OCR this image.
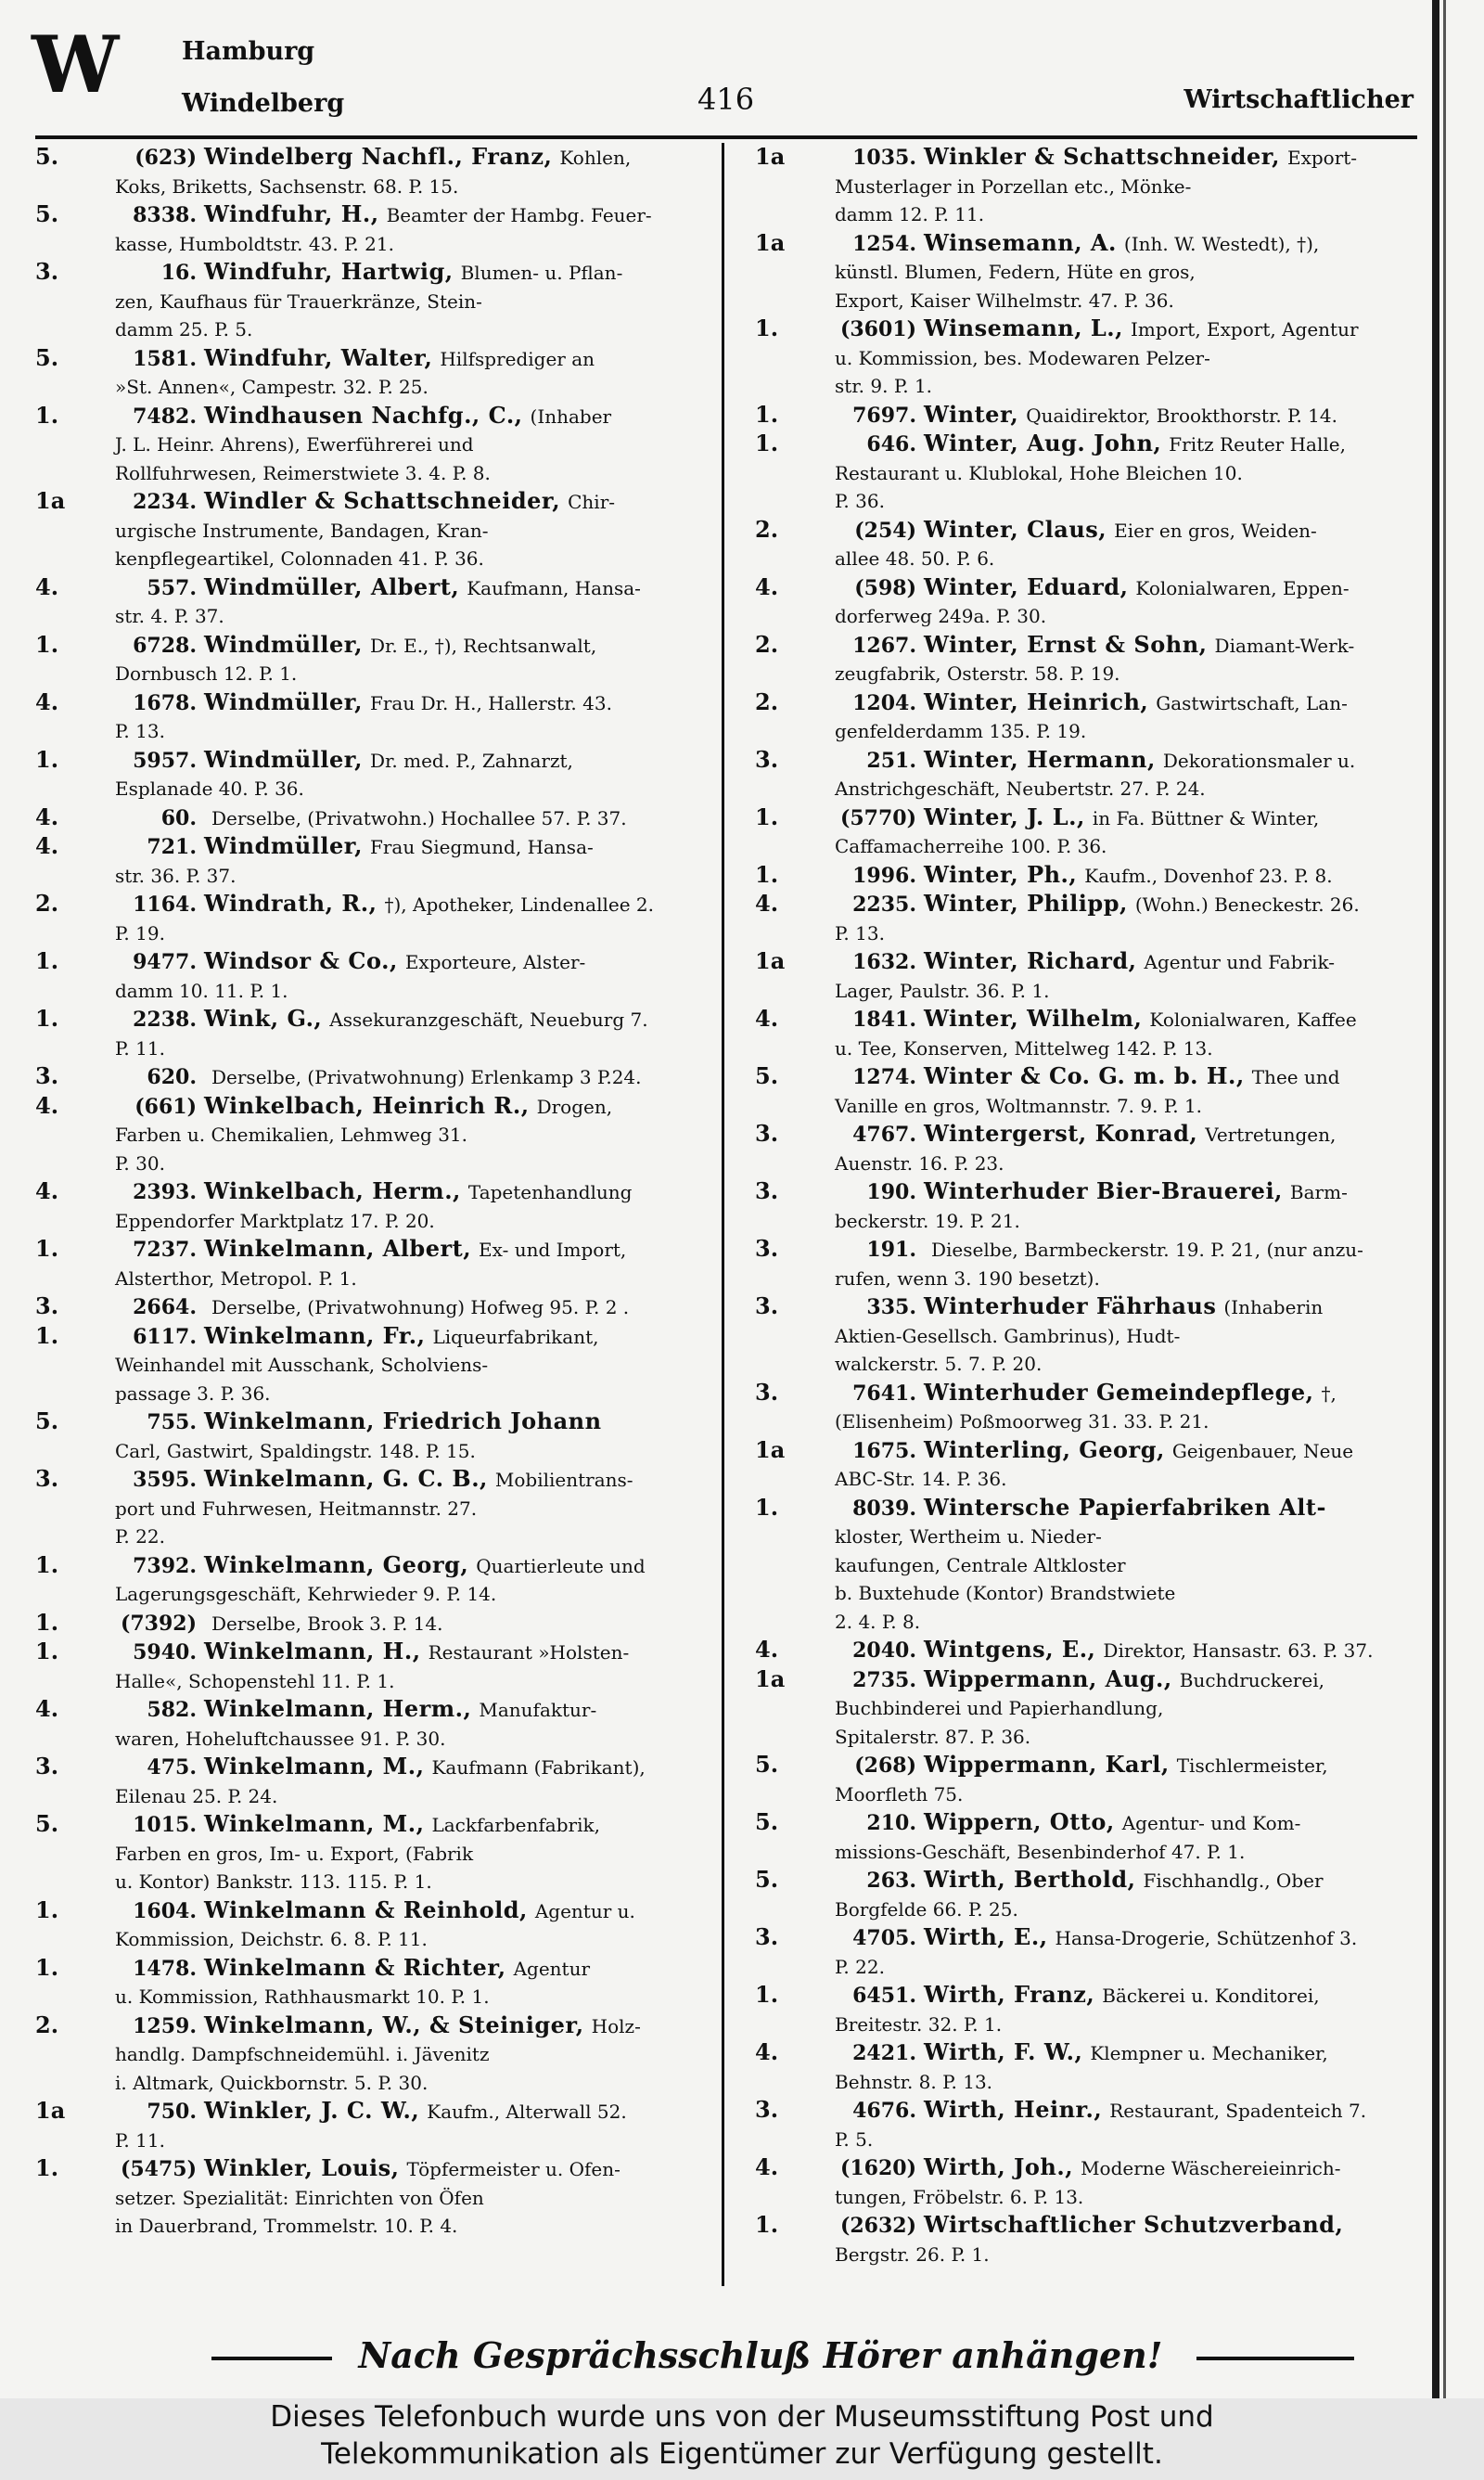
W	Hamburg
Windelberg	416	Wirtschaftlicher
5.	(623) Windelberg Nachfl., Franz, Kohlen,
Koks, Briketts, Sachsenstr. 68. P. 15.
5.	8338. Windfuhr, H., Beamter der Hambg. Feuer-
kasse, Humboldtstr. 43. P. 21.
3.	16. Windfuhr, Hartwig, Blumen- u. Pflan-
zen, Kaufhaus für Trauerkränze, Stein-
damm 25. P. 5.
5.	1581. Windfuhr, Walter, Hilfsprediger an
»St. Annen«, Campestr. 32. P. 25.
1.	7482. Windhausen Nachfg., C., (Inhaber
J. L. Heinr. Ahrens), Ewerführerei und
Rollfuhrwesen, Reimerstwiete 3. 4. P. 8.
1a	2234. Windler & Schattschneider, Chir-
urgische Instrumente, Bandagen, Kran-
kenpflegeartikel, Colonnaden 41. P. 36.
4.	557. Windmüller, Albert, Kaufmann, Hansa-
str. 4. P. 37.
1.	6728. Windmüller, Dr. E., †), Rechtsanwalt,
Dornbusch 12. P. 1.
4.	1678. Windmüller, Frau Dr. H., Hallerstr. 43.
P. 13.
1.	5957. Windmüller, Dr. med. P., Zahnarzt,
Esplanade 40. P. 36.
4.	60. Derselbe, (Privatwohn.) Hochallee 57. P. 37.
4.	721. Windmüller, Frau Siegmund, Hansa-
str. 36. P. 37.
2.	1164. Windrath, R., †), Apotheker, Lindenallee 2.
P. 19.
1.	9477. Windsor & Co., Exporteure, Alster-
damm 10. 11. P. 1.
1.	2238. Wink, G., Assekuranzgeschäft, Neueburg 7.
P. 11.
3.	620. Derselbe, (Privatwohnung) Erlenkamp 3 P.24.
4.	(661) Winkelbach, Heinrich R., Drogen,
Farben u. Chemikalien, Lehmweg 31.
P. 30.
4.	2393. Winkelbach, Herm., Tapetenhandlung
Eppendorfer Marktplatz 17. P. 20.
1.	7237. Winkelmann, Albert, Ex- und Import,
Alsterthor, Metropol. P. 1.
3.	2664. Derselbe, (Privatwohnung) Hofweg 95. P. 2 .
1.	6117. Winkelmann, Fr., Liqueurfabrikant,
Weinhandel mit Ausschank, Scholviens-
passage 3. P. 36.
5.	755. Winkelmann, Friedrich Johann
Carl, Gastwirt, Spaldingstr. 148. P. 15.
3.	3595. Winkelmann, G. C. B., Mobilientrans-
port und Fuhrwesen, Heitmannstr. 27.
P. 22.
1.	7392. Winkelmann, Georg, Quartierleute und
Lagerungsgeschäft, Kehrwieder 9. P. 14.
1.	(7392) Derselbe, Brook 3. P. 14.
1.	5940. Winkelmann, H., Restaurant »Holsten-
Halle«, Schopenstehl 11. P. 1.
4.	582. Winkelmann, Herm., Manufaktur-
waren, Hoheluftchaussee 91. P. 30.
3.	475. Winkelmann, M., Kaufmann (Fabrikant),
Eilenau 25. P. 24.
5.	1015. Winkelmann, M., Lackfarbenfabrik,
Farben en gros, Im- u. Export, (Fabrik
u. Kontor) Bankstr. 113. 115. P. 1.
1.	1604. Winkelmann & Reinhold, Agentur u.
Kommission, Deichstr. 6. 8. P. 11.
1.	1478. Winkelmann & Richter, Agentur
u. Kommission, Rathhausmarkt 10. P. 1.
2.	1259. Winkelmann, W., & Steiniger, Holz-
handlg. Dampfschneidemühl. i. Jävenitz
i. Altmark, Quickbornstr. 5. P. 30.
1a	750. Winkler, J. C. W., Kaufm., Alterwall 52.
P. 11.
1.	(5475) Winkler, Louis, Töpfermeister u. Ofen-
setzer. Spezialität: Einrichten von Öfen
in Dauerbrand, Trommelstr. 10. P. 4.
1a	1035. Winkler & Schattschneider, Export-
Musterlager in Porzellan etc., Mönke-
damm 12. P. 11.
1a	1254. Winsemann, A. (Inh. W. Westedt), †),
künstl. Blumen, Federn, Hüte en gros,
Export, Kaiser Wilhelmstr. 47. P. 36.
1.	(3601) Winsemann, L., Import, Export, Agentur
u. Kommission, bes. Modewaren Pelzer-
str. 9. P. 1.
1.	7697. Winter, Quaidirektor, Brookthorstr. P. 14.
1.	646. Winter, Aug. John, Fritz Reuter Halle,
Restaurant u. Klublokal, Hohe Bleichen 10.
P. 36.
2.	(254) Winter, Claus, Eier en gros, Weiden-
allee 48. 50. P. 6.
4.	(598) Winter, Eduard, Kolonialwaren, Eppen-
dorferweg 249a. P. 30.
2.	1267. Winter, Ernst & Sohn, Diamant-Werk-
zeugfabrik, Osterstr. 58. P. 19.
2.	1204. Winter, Heinrich, Gastwirtschaft, Lan-
genfelderdamm 135. P. 19.
3.	251. Winter, Hermann, Dekorationsmaler u.
Anstrichgeschäft, Neubertstr. 27. P. 24.
1.	(5770) Winter, J. L., in Fa. Büttner & Winter,
Caffamacherreihe 100. P. 36.
1.	1996. Winter, Ph., Kaufm., Dovenhof 23. P. 8.
4.	2235. Winter, Philipp, (Wohn.) Beneckestr. 26.
P. 13.
1a	1632. Winter, Richard, Agentur und Fabrik-
Lager, Paulstr. 36. P. 1.
4.	1841. Winter, Wilhelm, Kolonialwaren, Kaffee
u. Tee, Konserven, Mittelweg 142. P. 13.
5.	1274. Winter & Co. G. m. b. H., Thee und
Vanille en gros, Woltmannstr. 7. 9. P. 1.
3.	4767. Wintergerst, Konrad, Vertretungen,
Auenstr. 16. P. 23.
3.	190. Winterhuder Bier-Brauerei, Barm-
beckerstr. 19. P. 21.
3.	191. Dieselbe, Barmbeckerstr. 19. P. 21, (nur anzu-
rufen, wenn 3. 190 besetzt).
3.	335. Winterhuder Fährhaus (Inhaberin
Aktien-Gesellsch. Gambrinus), Hudt-
walckerstr. 5. 7. P. 20.
3.	7641. Winterhuder Gemeindepflege, †,
(Elisenheim) Poßmoorweg 31. 33. P. 21.
1a	1675. Winterling, Georg, Geigenbauer, Neue
ABC-Str. 14. P. 36.
1.	8039. Wintersche Papierfabriken Alt-
kloster, Wertheim u. Nieder-
kaufungen, Centrale Altkloster
b. Buxtehude (Kontor) Brandstwiete
2. 4. P. 8.
4.	2040. Wintgens, E., Direktor, Hansastr. 63. P. 37.
1a	2735. Wippermann, Aug., Buchdruckerei,
Buchbinderei und Papierhandlung,
Spitalerstr. 87. P. 36.
5.	(268) Wippermann, Karl, Tischlermeister,
Moorfleth 75.
5.	210. Wippern, Otto, Agentur- und Kom-
missions-Geschäft, Besenbinderhof 47. P. 1.
5.	263. Wirth, Berthold, Fischhandlg., Ober
Borgfelde 66. P. 25.
3.	4705. Wirth, E., Hansa-Drogerie, Schützenhof 3.
P. 22.
1.	6451. Wirth, Franz, Bäckerei u. Konditorei,
Breitestr. 32. P. 1.
4.	2421. Wirth, F. W., Klempner u. Mechaniker,
Behnstr. 8. P. 13.
3.	4676. Wirth, Heinr., Restaurant, Spadenteich 7.
P. 5.
4.	(1620) Wirth, Joh., Moderne Wäschereieinrich-
tungen, Fröbelstr. 6. P. 13.
1.	(2632) Wirtschaftlicher Schutzverband,
Bergstr. 26. P. 1.
Nach Gesprächsschluß Hörer anhängen!
Dieses Telefonbuch wurde uns von der Museumsstiftung Post und
Telekommunikation als Eigentümer zur Verfügung gestellt.
